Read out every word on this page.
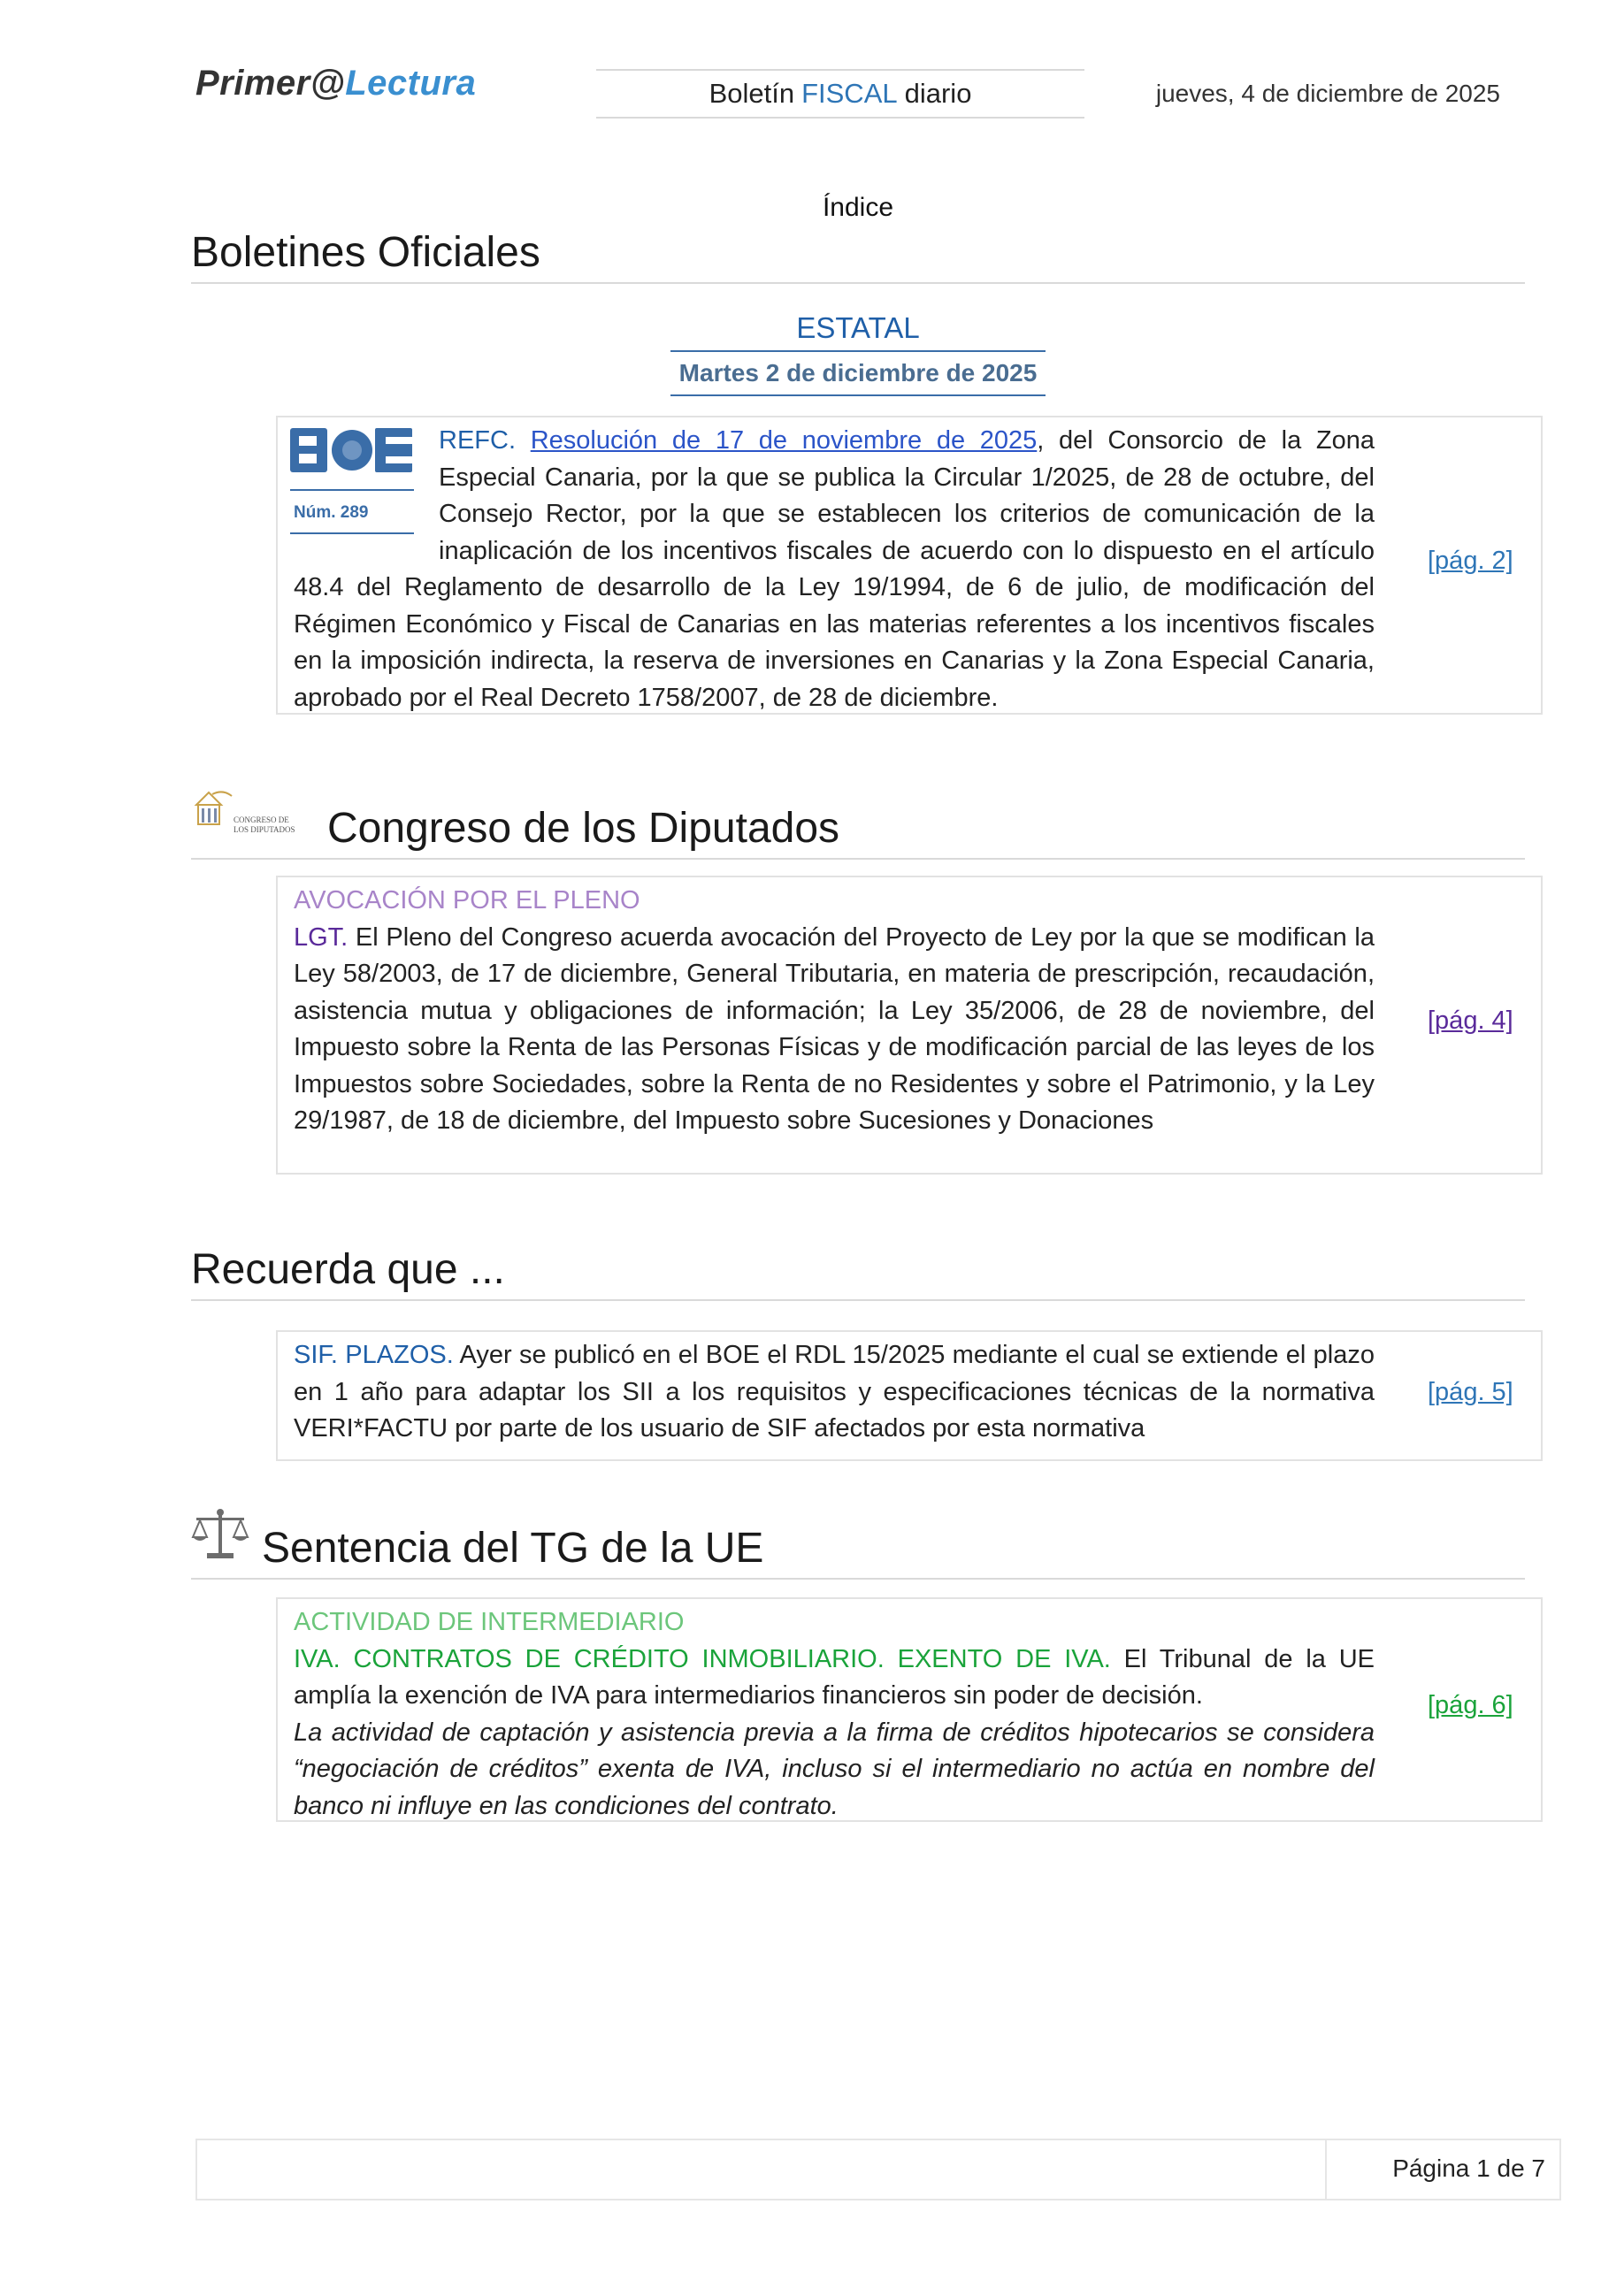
Primer@Lectura	Boletín FISCAL diario	jueves, 4 de diciembre de 2025
Índice
Boletines Oficiales
ESTATAL
Martes 2 de diciembre de 2025
Núm. 289
REFC. Resolución de 17 de noviembre de 2025, del Consorcio de la Zona Especial Canaria, por la que se publica la Circular 1/2025, de 28 de octubre, del Consejo Rector, por la que se establecen los criterios de comunicación de la inaplicación de los incentivos fiscales de acuerdo con lo dispuesto en el artículo 48.4 del Reglamento de desarrollo de la Ley 19/1994, de 6 de julio, de modificación del Régimen Económico y Fiscal de Canarias en las materias referentes a los incentivos fiscales en la imposición indirecta, la reserva de inversiones en Canarias y la Zona Especial Canaria, aprobado por el Real Decreto 1758/2007, de 28 de diciembre.
[pág. 2]
CONGRESO DE
LOS DIPUTADOS Congreso de los Diputados
AVOCACIÓN POR EL PLENO
LGT. El Pleno del Congreso acuerda avocación del Proyecto de Ley por la que se modifican la Ley 58/2003, de 17 de diciembre, General Tributaria, en materia de prescripción, recaudación, asistencia mutua y obligaciones de información; la Ley 35/2006, de 28 de noviembre, del Impuesto sobre la Renta de las Personas Físicas y de modificación parcial de las leyes de los Impuestos sobre Sociedades, sobre la Renta de no Residentes y sobre el Patrimonio, y la Ley 29/1987, de 18 de diciembre, del Impuesto sobre Sucesiones y Donaciones
[pág. 4]
Recuerda que ...
SIF. PLAZOS. Ayer se publicó en el BOE el RDL 15/2025 mediante el cual se extiende el plazo en 1 año para adaptar los SII a los requisitos y especificaciones técnicas de la normativa VERI*FACTU por parte de los usuario de SIF afectados por esta normativa
[pág. 5]
Sentencia del TG de la UE
ACTIVIDAD DE INTERMEDIARIO
IVA. CONTRATOS DE CRÉDITO INMOBILIARIO. EXENTO DE IVA. El Tribunal de la UE amplía la exención de IVA para intermediarios financieros sin poder de decisión.
La actividad de captación y asistencia previa a la firma de créditos hipotecarios se considera “negociación de créditos” exenta de IVA, incluso si el intermediario no actúa en nombre del banco ni influye en las condiciones del contrato.
[pág. 6]
Página 1 de 7
